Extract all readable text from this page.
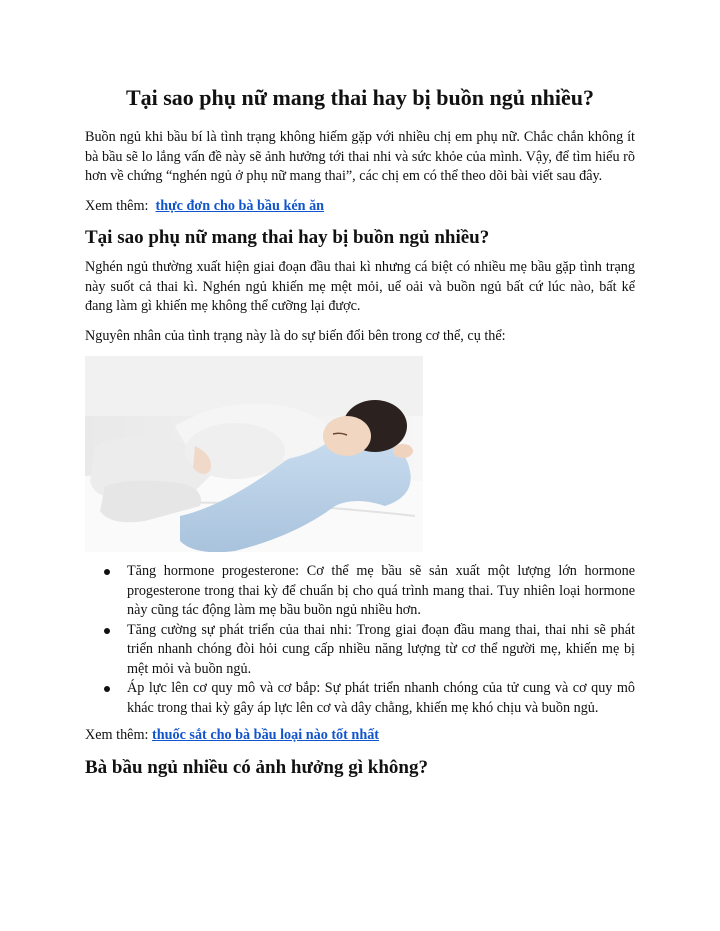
Tại sao phụ nữ mang thai hay bị buồn ngủ nhiều?

Buồn ngủ khi bầu bí là tình trạng không hiếm gặp với nhiều chị em phụ nữ. Chắc chắn không ít bà bầu sẽ lo lắng vấn đề này sẽ ảnh hưởng tới thai nhi và sức khỏe của mình. Vậy, để tìm hiểu rõ hơn về chứng “nghén ngủ ở phụ nữ mang thai”, các chị em có thể theo dõi bài viết sau đây.

Xem thêm: thực đơn cho bà bầu kén ăn

Tại sao phụ nữ mang thai hay bị buồn ngủ nhiều?

Nghén ngủ thường xuất hiện giai đoạn đầu thai kì nhưng cá biệt có nhiều mẹ bầu gặp tình trạng này suốt cả thai kì. Nghén ngủ khiến mẹ mệt mỏi, uể oải và buồn ngủ bất cứ lúc nào, bất kể đang làm gì khiến mẹ không thể cưỡng lại được.

Nguyên nhân của tình trạng này là do sự biến đổi bên trong cơ thể, cụ thể:

Tăng hormone progesterone: Cơ thể mẹ bầu sẽ sản xuất một lượng lớn hormone progesterone trong thai kỳ để chuẩn bị cho quá trình mang thai. Tuy nhiên loại hormone này cũng tác động làm mẹ bầu buồn ngủ nhiều hơn.
Tăng cường sự phát triển của thai nhi: Trong giai đoạn đầu mang thai, thai nhi sẽ phát triển nhanh chóng đòi hỏi cung cấp nhiều năng lượng từ cơ thể người mẹ, khiến mẹ bị mệt mỏi và buồn ngủ.
Áp lực lên cơ quy mô và cơ bắp: Sự phát triển nhanh chóng của tử cung và cơ quy mô khác trong thai kỳ gây áp lực lên cơ và dây chằng, khiến mẹ khó chịu và buồn ngủ.

Xem thêm: thuốc sắt cho bà bầu loại nào tốt nhất

Bà bầu ngủ nhiều có ảnh hưởng gì không?
